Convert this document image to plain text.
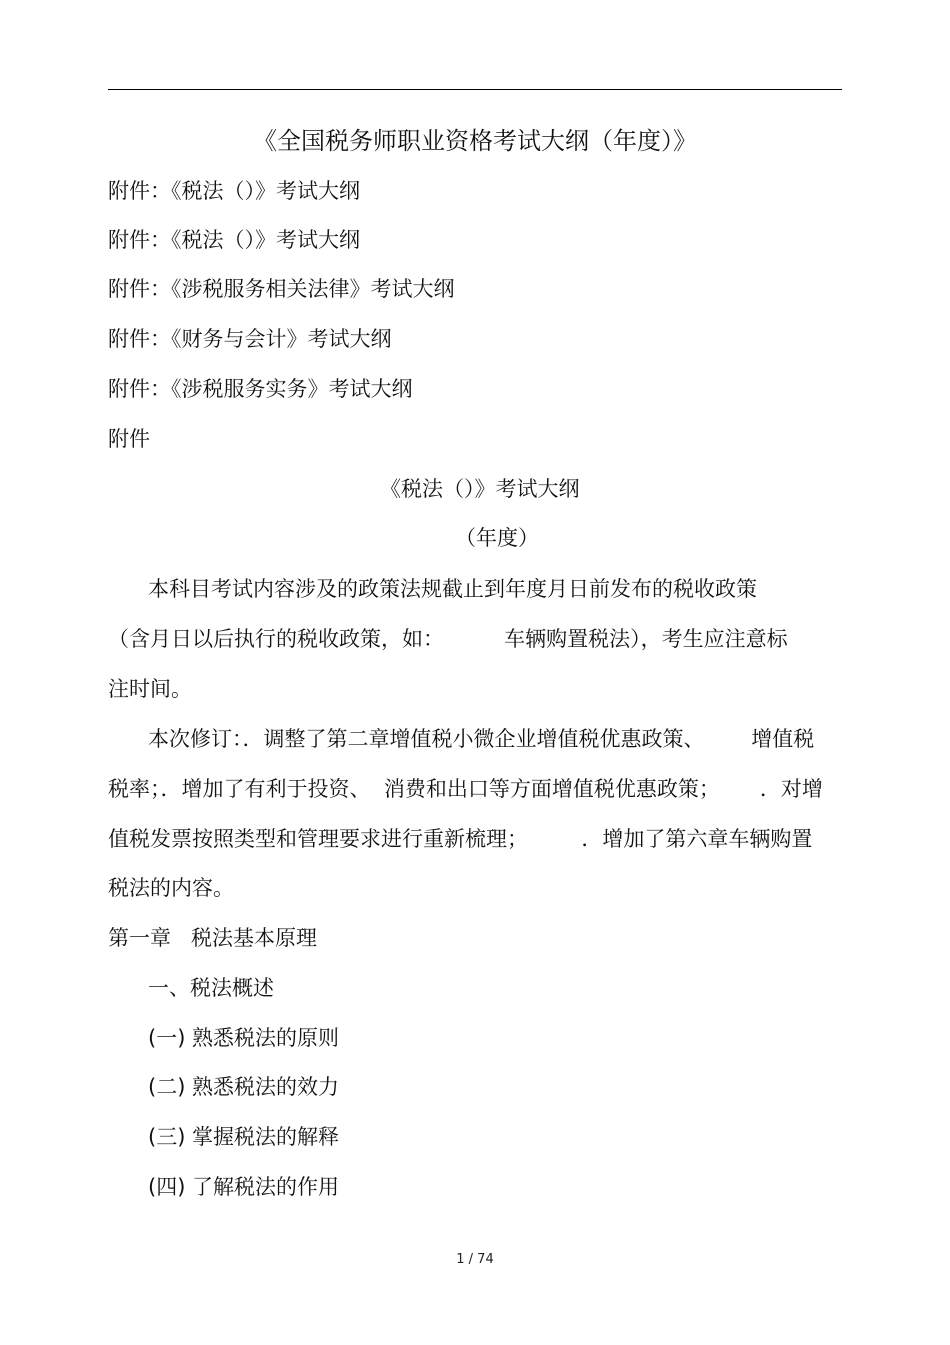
《全国税务师职业资格考试大纲（年度）》
附件：《税法（）》考试大纲
附件：《税法（）》考试大纲
附件：《涉税服务相关法律》考试大纲
附件：《财务与会计》考试大纲
附件：《涉税服务实务》考试大纲
附件
《税法（）》考试大纲
（年度）
本科目考试内容涉及的政策法规截止到年度月日前发布的税收政策
（含月日以后执行的税收政策，如：         车辆购置税法），考生应注意标
注时间。
本次修订：．调整了第二章增值税小微企业增值税优惠政策、       增值税
税率；．增加了有利于投资、  消费和出口等方面增值税优惠政策；      ．对增
值税发票按照类型和管理要求进行重新梳理；        ．增加了第六章车辆购置
税法的内容。
第一章   税法基本原理
一、税法概述
(一) 熟悉税法的原则
(二) 熟悉税法的效力
(三) 掌握税法的解释
(四) 了解税法的作用
1 / 74
